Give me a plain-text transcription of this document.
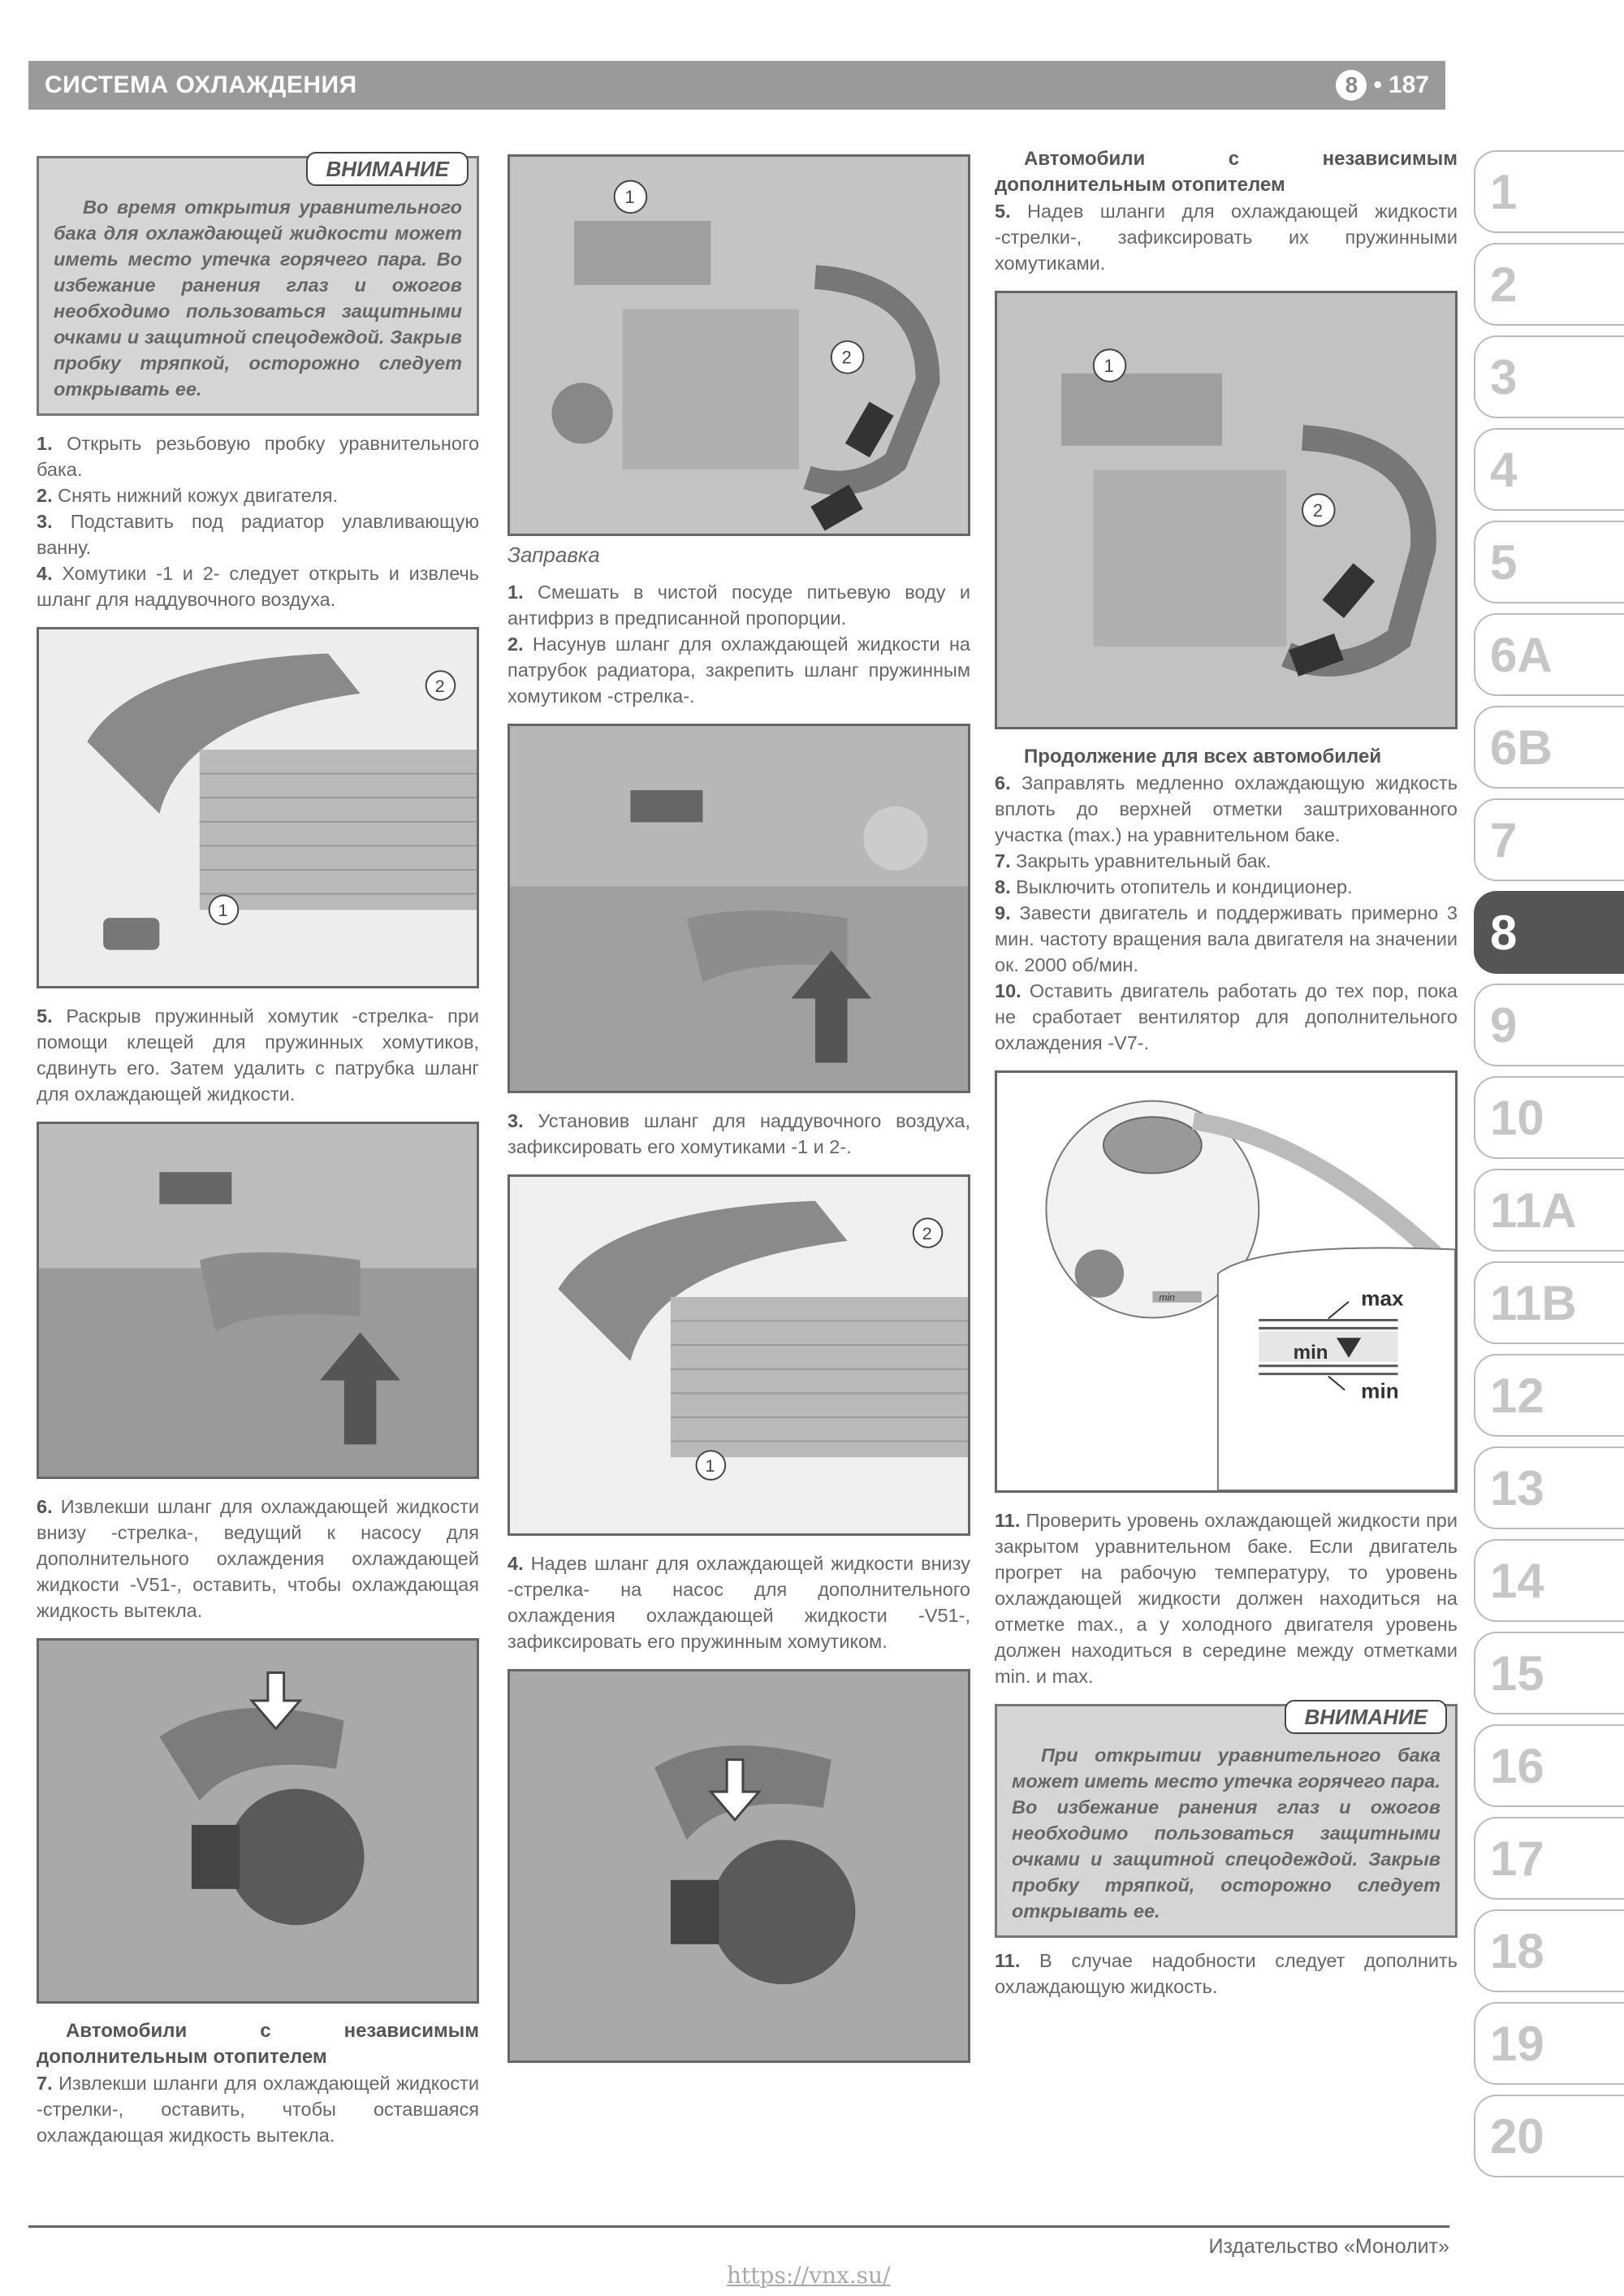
СИСТЕМА ОХЛАЖДЕНИЯ	8 • 187
ВНИМАНИЕ
Во время открытия уравнительного бака для охлаждающей жидкости может иметь место утечка горячего пара. Во избежание ранения глаз и ожогов необходимо пользоваться защитными очками и защитной спецодеждой. Закрыв пробку тряпкой, осторожно следует открывать ее.

1. Открыть резьбовую пробку уравнительного бака.

2. Снять нижний кожух двигателя.

3. Подставить под радиатор улавливающую ванну.

4. Хомутики -1 и 2- следует открыть и извлечь шланг для наддувочного воздуха.

2
1

5. Раскрыв пружинный хомутик -стрелка- при помощи клещей для пружинных хомутиков, сдвинуть его. Затем удалить с патрубка шланг для охлаждающей жидкости.

6. Извлекши шланг для охлаждающей жидкости внизу -стрелка-, ведущий к насосу для дополнительного охлаждения охлаждающей жидкости -V51-, оставить, чтобы охлаждающая жидкость вытекла.

Автомобили с независимым дополнительным отопителем

7. Извлекши шланги для охлаждающей жидкости -стрелки-, оставить, чтобы оставшаяся охлаждающая жидкость вытекла.

1
2
Заправка

1. Смешать в чистой посуде питьевую воду и антифриз в предписанной пропорции.

2. Насунув шланг для охлаждающей жидкости на патрубок радиатора, закрепить шланг пружинным хомутиком -стрелка-.

3. Установив шланг для наддувочного воздуха, зафиксировать его хомутиками -1 и 2-.

2
1

4. Надев шланг для охлаждающей жидкости внизу -стрелка- на насос для дополнительного охлаждения охлаждающей жидкости -V51-, зафиксировать его пружинным хомутиком.

Автомобили с независимым дополнительным отопителем

5. Надев шланги для охлаждающей жидкости -стрелки-, зафиксировать их пружинными хомутиками.

1
2
Продолжение для всех автомобилей

6. Заправлять медленно охлаждающую жидкость вплоть до верхней отметки заштрихованного участка (max.) на уравнительном баке.

7. Закрыть уравнительный бак.

8. Выключить отопитель и кондиционер.

9. Завести двигатель и поддерживать примерно 3 мин. частоту вращения вала двигателя на значении ок. 2000 об/мин.

10. Оставить двигатель работать до тех пор, пока не сработает вентилятор для дополнительного охлаждения -V7-.

min
min
max
min

11. Проверить уровень охлаждающей жидкости при закрытом уравнительном баке. Если двигатель прогрет на рабочую температуру, то уровень охлаждающей жидкости должен находиться на отметке max., а у холодного двигателя уровень должен находиться в середине между отметками min. и max.

ВНИМАНИЕ
При открытии уравнительного бака может иметь место утечка горячего пара. Во избежание ранения глаз и ожогов необходимо пользоваться защитными очками и защитной спецодеждой. Закрыв пробку тряпкой, осторожно следует открывать ее.

11. В случае надобности следует дополнить охлаждающую жидкость.

1
2
3
4
5
6A
6B
7
8
9
10
11A
11B
12
13
14
15
16
17
18
19
20
Издательство «Монолит»
https://vnx.su/
